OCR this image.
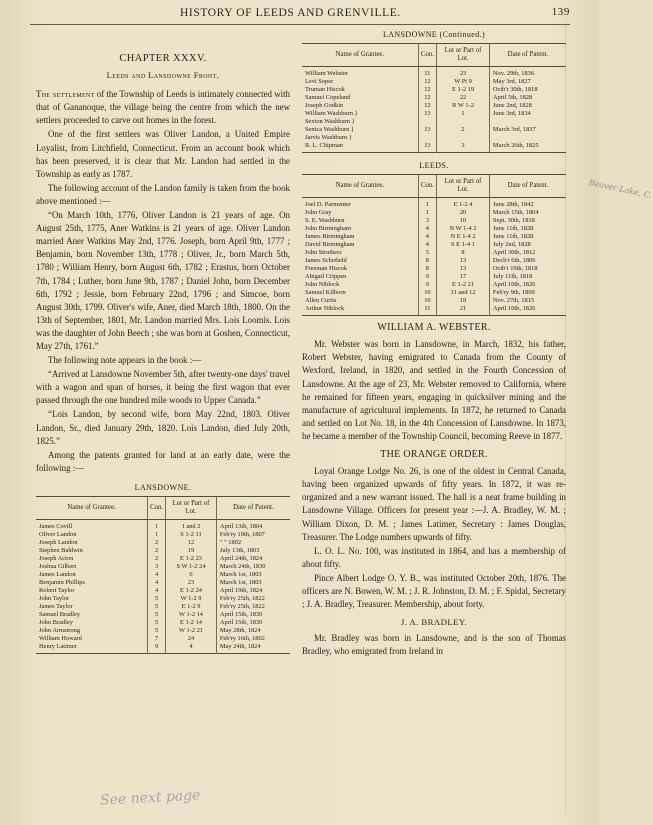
HISTORY OF LEEDS AND GRENVILLE.	139
CHAPTER XXXV.
Leeds and Lansdowne Front.
The settlement of the Township of Leeds is intimately connected with that of Gananoque, the village being the centre from which the new settlers proceeded to carve out homes in the forest.
One of the first settlers was Oliver Landon, a United Empire Loyalist, from Litchfield, Connecticut. From an account book which has been preserved, it is clear that Mr. Landon had settled in the Township as early as 1787.
The following account of the Landon family is taken from the book above mentioned :—
“On March 10th, 1776, Oliver Landon is 21 years of age. On August 25th, 1775, Aner Watkins is 21 years of age. Oliver Landon married Aner Watkins May 2nd, 1776. Joseph, born April 9th, 1777 ; Benjamin, born November 13th, 1778 ; Oliver, Jr., born March 5th, 1780 ; William Henry, born August 6th, 1782 ; Erastus, born October 7th, 1784 ; Luther, born June 9th, 1787 ; Daniel John, born December 6th, 1792 ; Jessie, born February 22nd, 1796 ; and Simcoe, born August 30th, 1799. Oliver's wife, Aner, died March 18th, 1800. On the 13th of September, 1801, Mr. Landon married Mrs. Lois Loomis. Lois was the daughter of John Beech ; she was born at Goshen, Connecticut, May 27th, 1761.”
The following note appears in the book :—
“Arrived at Lansdowne November 5th, after twenty-one days' travel with a wagon and span of horses, it being the first wagon that ever passed through the one hundred mile woods to Upper Canada.”
“Lois Landon, by second wife, born May 22nd, 1803. Oliver Landon, Sr., died January 29th, 1820. Lois Landon, died July 20th, 1825.”
Among the patents granted for land at an early date, were the following :—
LANSDOWNE.
Name of Grantee.	Con.	Lot or Part of Lot.	Date of Patent.
James Covill	1	1 and 2	April 13th, 1804
Oliver Landon	1	S 1-2 11	Feb'ry 19th, 1807
Joseph Landon	2	12	" " 1802
Stephen Baldwin	2	19	July 13th, 1803
Joseph Acton	2	E 1-2 23	April 24th, 1824
Joshua Gilbert	3	S W 1-2 24	March 24th, 1830
James Landon	4	6	March 1st, 1803
Benjamin Phillips	4	23	March 1st, 1803
Robert Taylor	4	E 1-2 24	April 19th, 1824
John Taylor	5	W 1-2 9	Feb'ry 25th, 1822
James Taylor	5	E 1-2 9	Feb'ry 25th, 1822
Samuel Bradley	5	W 1-2 14	April 15th, 1830
John Bradley	5	E 1-2 14	April 15th, 1830
John Armstrong	5	W 1-2 21	May 28th, 1824
William Howard	7	24	Feb'ry 16th, 1802
Henry Latimer	9	4	May 24th, 1824
LANSDOWNE (Continued.)
Name of Grantee.	Con.	Lot or Part of Lot.	Date of Patent.
William Webster	11	23	Nov. 29th, 1836
Levi Soper	12	W Pt 9	May 3rd, 1827
Truman Hiscok	12	E 1-2 19	Octb'r 30th, 1818
Samuel Copeland	12	22	April 5th, 1828
Joseph Godkin	12	R W 1-2	June 2nd, 1828
William Washburn }	13	1	June 3rd, 1834
Sexton Washburn }			
Senica Washburn }	13	2	March 3rd, 1837
Jarvis Washburn }			
R. L. Chipman	13	3	March 26th, 1825
LEEDS.
Name of Grantee.	Con.	Lot or Part of Lot.	Date of Patent.
Joel D. Parmenter	1	E 1-2 4	June 28th, 1842
John Gray	1	20	March 15th, 1804
S. E. Washburn	3	10	Sept. 30th, 1818
John Birmingham	4	N W 1-4 2	June 11th, 1828
James Birmingham	4	N E 1-4 2	June 11th, 1828
David Birmingham	4	S E 1-4 1	July 2nd, 1828
John Struthers	5	8	April 30th, 1812
James Schofield	8	13	Decb'r 6th, 1806
Freeman Hiscok	8	13	Octb'r 19th, 1818
Abigail Crippen	9	17	July 11th, 1818
John Niblock	9	E 1-2 21	April 10th, 1826
Samuel Kilborn	10	11 and 12	Feb'ry 9th, 1809
Allen Curtis	10	19	Nov. 27th, 1815
Arthur Niblock	11	21	April 10th, 1826
WILLIAM A. WEBSTER.
Mr. Webster was born in Lansdowne, in March, 1832, his father, Robert Webster, having emigrated to Canada from the County of Wexford, Ireland, in 1820, and settled in the Fourth Concession of Lansdowne. At the age of 23, Mr. Webster removed to California, where he remained for fifteen years, engaging in quicksilver mining and the manufacture of agricultural implements. In 1872, he returned to Canada and settled on Lot No. 18, in the 4th Concession of Lansdowne. In 1873, he became a member of the Township Council, becoming Reeve in 1877.
THE ORANGE ORDER.
Loyal Orange Lodge No. 26, is one of the oldest in Central Canada, having been organized upwards of fifty years. In 1872, it was re-organized and a new warrant issued. The hall is a neat frame building in Lansdowne Village. Officers for present year :—J. A. Bradley, W. M. ; William Dixon, D. M. ; James Latimer, Secretary : James Douglas, Treasurer. The Lodge numbers upwards of fifty.
L. O. L. No. 100, was instituted in 1864, and has a membership of about fifty.
Pince Albert Lodge O. Y. B., was instituted October 20th, 1876. The officers are N. Bowen, W. M. ; J. R. Johnston, D. M. ; F. Spidal, Secretary ; J. A. Bradley, Treasurer. Membership, about forty.
J. A. BRADLEY.
Mr. Bradley was born in Lansdowne, and is the son of Thomas Bradley, who emigrated from Ireland in
Beaver Lake, C.
See next page
